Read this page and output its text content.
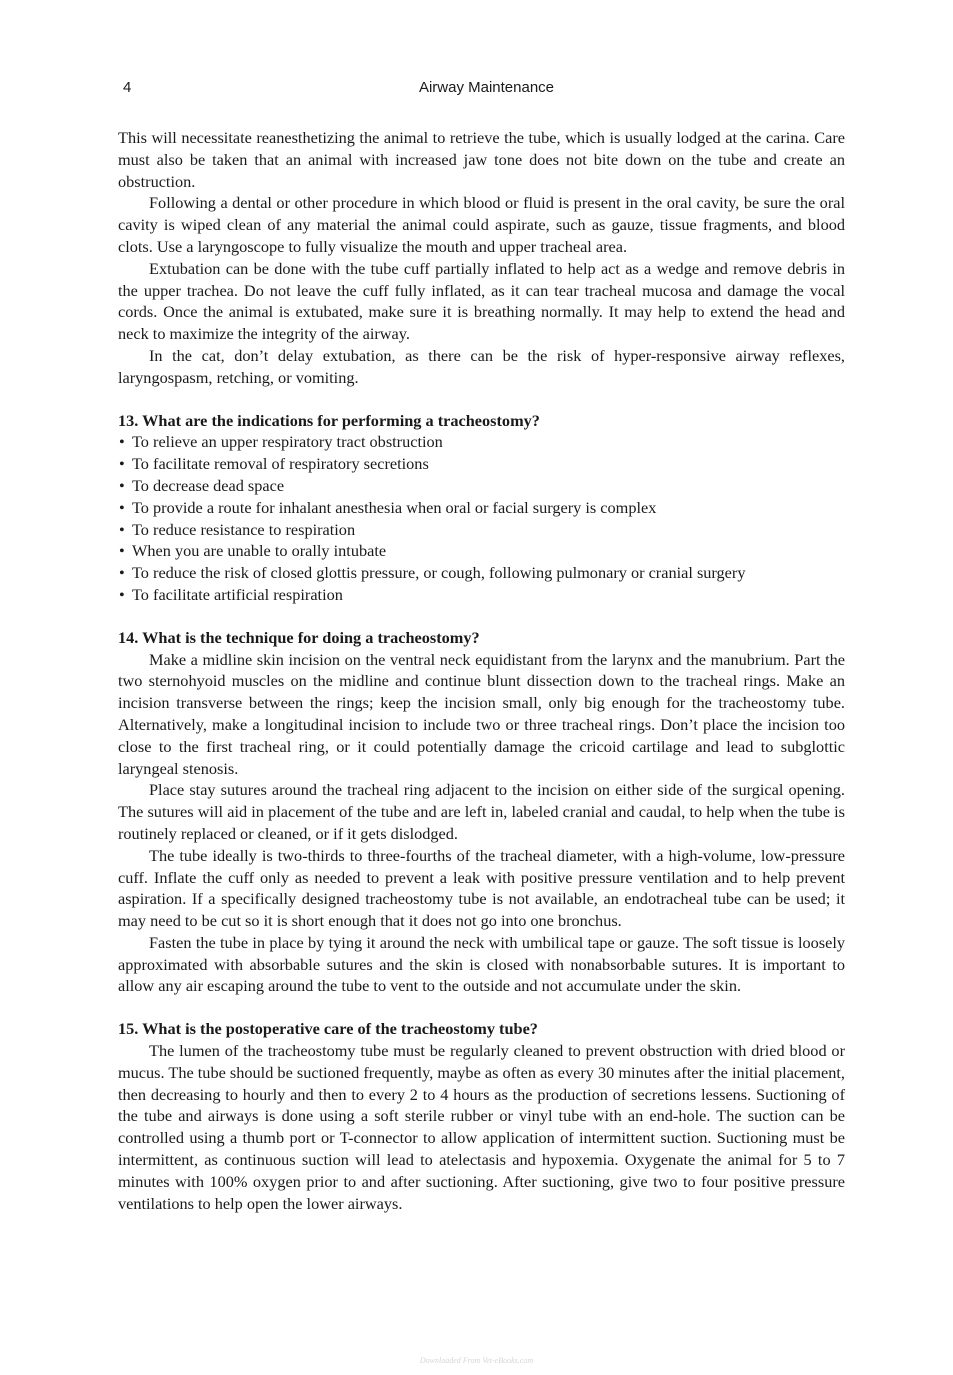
4	Airway Maintenance

This will necessitate reanesthetizing the animal to retrieve the tube, which is usually lodged at the carina. Care must also be taken that an animal with increased jaw tone does not bite down on the tube and create an obstruction.

Following a dental or other procedure in which blood or fluid is present in the oral cavity, be sure the oral cavity is wiped clean of any material the animal could aspirate, such as gauze, tissue fragments, and blood clots. Use a laryngoscope to fully visualize the mouth and upper tracheal area.

Extubation can be done with the tube cuff partially inflated to help act as a wedge and remove debris in the upper trachea. Do not leave the cuff fully inflated, as it can tear tracheal mucosa and damage the vocal cords. Once the animal is extubated, make sure it is breathing normally. It may help to extend the head and neck to maximize the integrity of the airway.

In the cat, don’t delay extubation, as there can be the risk of hyper-responsive airway reflexes, laryngospasm, retching, or vomiting.

13. What are the indications for performing a tracheostomy?
• To relieve an upper respiratory tract obstruction
• To facilitate removal of respiratory secretions
• To decrease dead space
• To provide a route for inhalant anesthesia when oral or facial surgery is complex
• To reduce resistance to respiration
• When you are unable to orally intubate
• To reduce the risk of closed glottis pressure, or cough, following pulmonary or cranial surgery
• To facilitate artificial respiration
14. What is the technique for doing a tracheostomy?

Make a midline skin incision on the ventral neck equidistant from the larynx and the manubrium. Part the two sternohyoid muscles on the midline and continue blunt dissection down to the tracheal rings. Make an incision transverse between the rings; keep the incision small, only big enough for the tracheostomy tube. Alternatively, make a longitudinal incision to include two or three tracheal rings. Don’t place the incision too close to the first tracheal ring, or it could potentially damage the cricoid cartilage and lead to subglottic laryngeal stenosis.

Place stay sutures around the tracheal ring adjacent to the incision on either side of the surgical opening. The sutures will aid in placement of the tube and are left in, labeled cranial and caudal, to help when the tube is routinely replaced or cleaned, or if it gets dislodged.

The tube ideally is two-thirds to three-fourths of the tracheal diameter, with a high-volume, low-pressure cuff. Inflate the cuff only as needed to prevent a leak with positive pressure ventilation and to help prevent aspiration. If a specifically designed tracheostomy tube is not available, an endotracheal tube can be used; it may need to be cut so it is short enough that it does not go into one bronchus.

Fasten the tube in place by tying it around the neck with umbilical tape or gauze. The soft tissue is loosely approximated with absorbable sutures and the skin is closed with nonabsorbable sutures. It is important to allow any air escaping around the tube to vent to the outside and not accumulate under the skin.

15. What is the postoperative care of the tracheostomy tube?

The lumen of the tracheostomy tube must be regularly cleaned to prevent obstruction with dried blood or mucus. The tube should be suctioned frequently, maybe as often as every 30 minutes after the initial placement, then decreasing to hourly and then to every 2 to 4 hours as the production of secretions lessens. Suctioning of the tube and airways is done using a soft sterile rubber or vinyl tube with an end-hole. The suction can be controlled using a thumb port or T-connector to allow application of intermittent suction. Suctioning must be intermittent, as continuous suction will lead to atelectasis and hypoxemia. Oxygenate the animal for 5 to 7 minutes with 100% oxygen prior to and after suctioning. After suctioning, give two to four positive pressure ventilations to help open the lower airways.

Downloaded From Vet-eBooks.com
